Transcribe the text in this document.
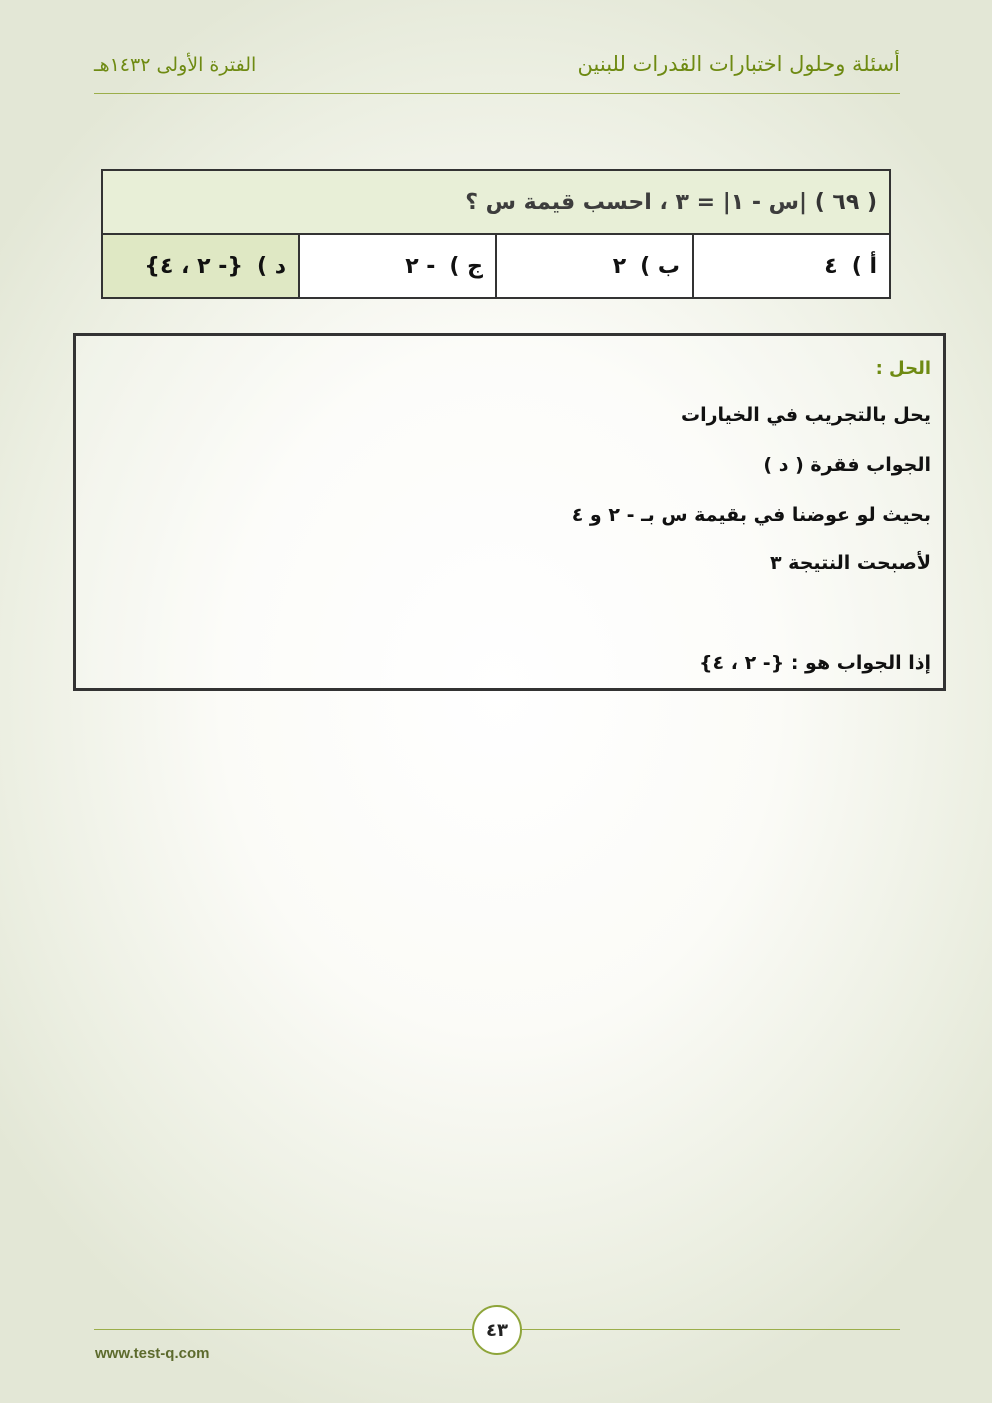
أسئلة وحلول اختبارات القدرات للبنين
الفترة الأولى ١٤٣٢هـ
( ٦٩ ) |س - ١| = ٣ ، احسب قيمة س ؟
أ )٤	ب )٢	ج )- ٢	د ){- ٢ ، ٤}
الحل :
يحل بالتجريب في الخيارات
الجواب فقرة ( د )
بحيث لو عوضنا في بقيمة س بـ - ٢ و ٤
لأصبحت النتيجة ٣
إذا الجواب هو : {- ٢ ، ٤}
٤٣
www.test-q.com
